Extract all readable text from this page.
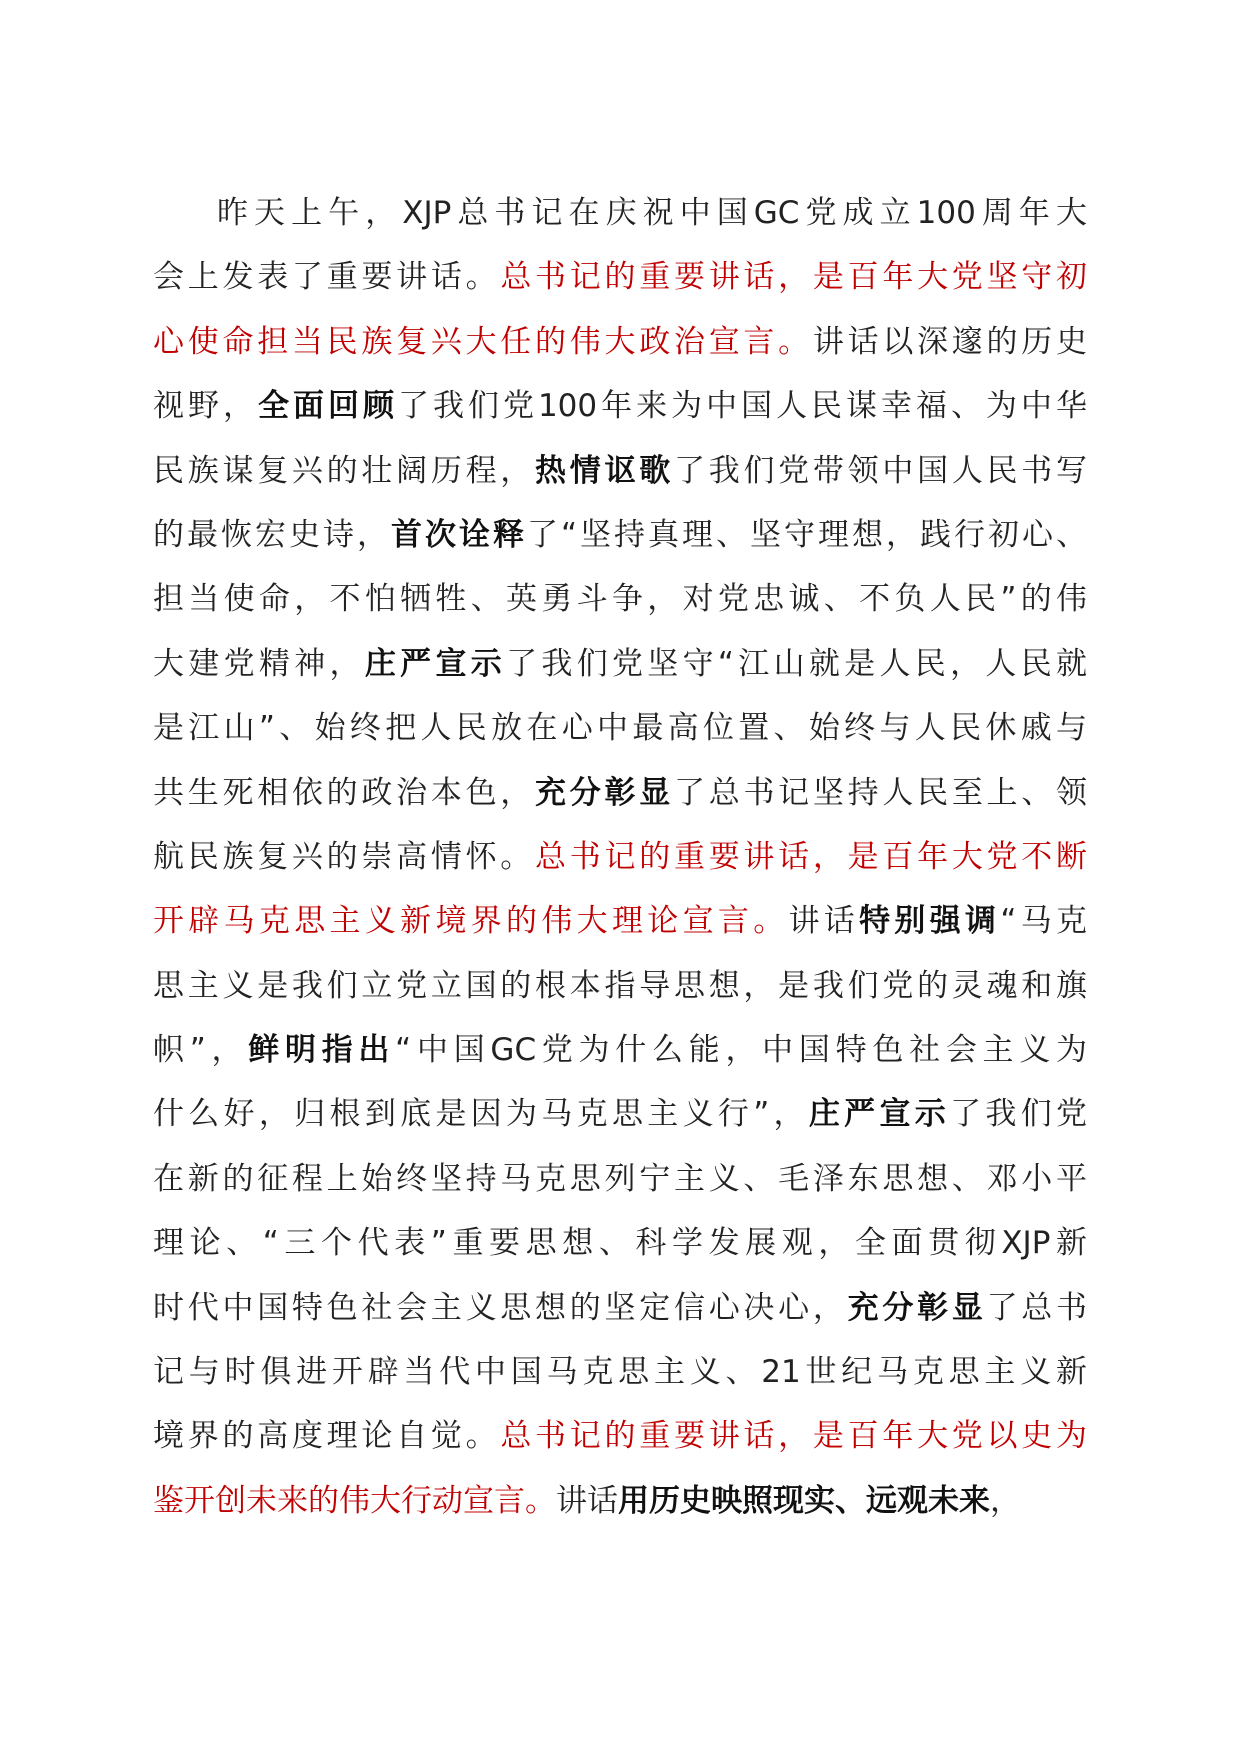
昨天上午，XJP总书记在庆祝中国GC党成立100周年大
会上发表了重要讲话。总书记的重要讲话，是百年大党坚守初
心使命担当民族复兴大任的伟大政治宣言。讲话以深邃的历史
视野，全面回顾了我们党100年来为中国人民谋幸福、为中华
民族谋复兴的壮阔历程，热情讴歌了我们党带领中国人民书写
的最恢宏史诗，首次诠释了“坚持真理、坚守理想，践行初心、
担当使命，不怕牺牲、英勇斗争，对党忠诚、不负人民”的伟
大建党精神，庄严宣示了我们党坚守“江山就是人民，人民就
是江山”、始终把人民放在心中最高位置、始终与人民休戚与
共生死相依的政治本色，充分彰显了总书记坚持人民至上、领
航民族复兴的崇高情怀。总书记的重要讲话，是百年大党不断
开辟马克思主义新境界的伟大理论宣言。讲话特别强调“马克
思主义是我们立党立国的根本指导思想，是我们党的灵魂和旗
帜”，鲜明指出“中国GC党为什么能，中国特色社会主义为
什么好，归根到底是因为马克思主义行”，庄严宣示了我们党
在新的征程上始终坚持马克思列宁主义、毛泽东思想、邓小平
理论、“三个代表”重要思想、科学发展观，全面贯彻XJP新
时代中国特色社会主义思想的坚定信心决心，充分彰显了总书
记与时俱进开辟当代中国马克思主义、21世纪马克思主义新
境界的高度理论自觉。总书记的重要讲话，是百年大党以史为
鉴开创未来的伟大行动宣言。讲话用历史映照现实、远观未来，
